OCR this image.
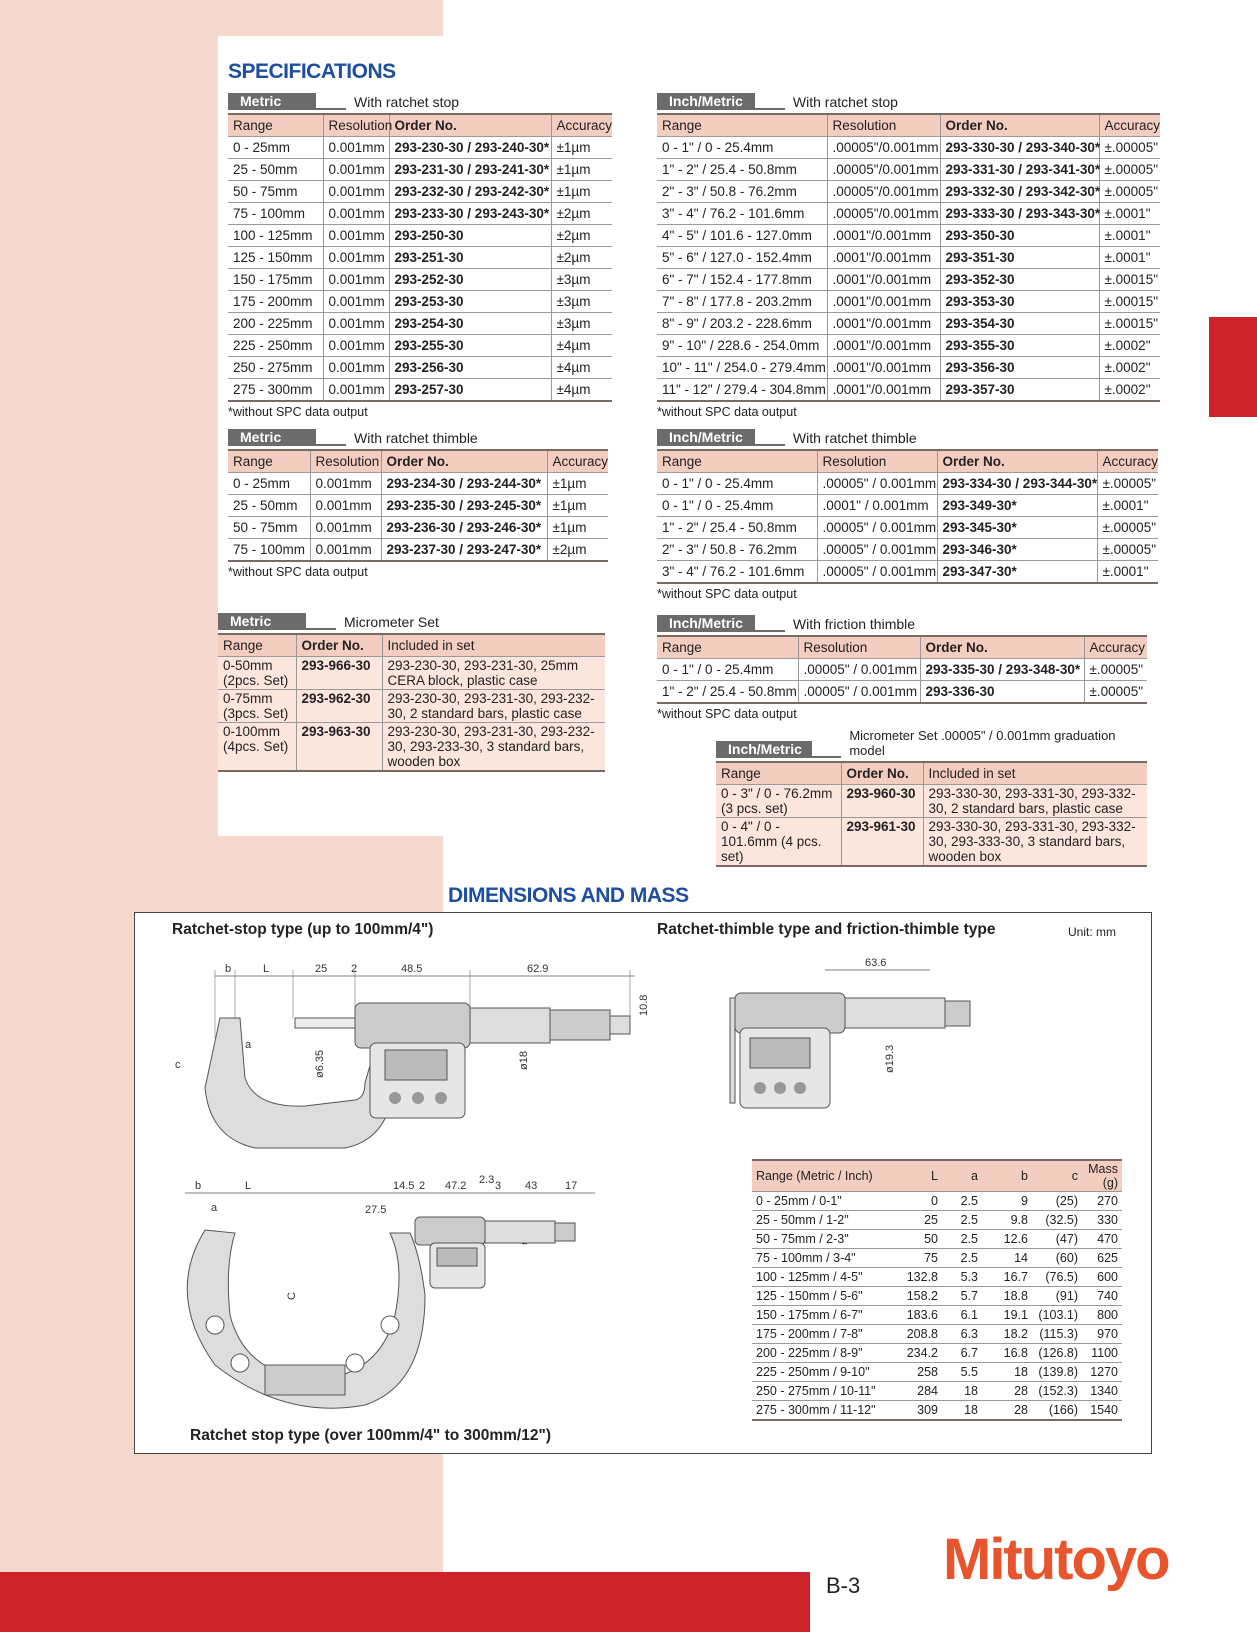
SPECIFICATIONS
Metric	With ratchet stop
Range	Resolution	Order No.	Accuracy
0 - 25mm	0.001mm	293-230-30 / 293-240-30*	±1µm
25 - 50mm	0.001mm	293-231-30 / 293-241-30*	±1µm
50 - 75mm	0.001mm	293-232-30 / 293-242-30*	±1µm
75 - 100mm	0.001mm	293-233-30 / 293-243-30*	±2µm
100 - 125mm	0.001mm	293-250-30	±2µm
125 - 150mm	0.001mm	293-251-30	±2µm
150 - 175mm	0.001mm	293-252-30	±3µm
175 - 200mm	0.001mm	293-253-30	±3µm
200 - 225mm	0.001mm	293-254-30	±3µm
225 - 250mm	0.001mm	293-255-30	±4µm
250 - 275mm	0.001mm	293-256-30	±4µm
275 - 300mm	0.001mm	293-257-30	±4µm
*without SPC data output
Inch/Metric	With ratchet stop
Range	Resolution	Order No.	Accuracy
0 - 1" / 0 - 25.4mm	.00005"/0.001mm	293-330-30 / 293-340-30*	±.00005"
1" - 2" / 25.4 - 50.8mm	.00005"/0.001mm	293-331-30 / 293-341-30*	±.00005"
2" - 3" / 50.8 - 76.2mm	.00005"/0.001mm	293-332-30 / 293-342-30*	±.00005"
3" - 4" / 76.2 - 101.6mm	.00005"/0.001mm	293-333-30 / 293-343-30*	±.0001"
4" - 5" / 101.6 - 127.0mm	.0001"/0.001mm	293-350-30	±.0001"
5" - 6" / 127.0 - 152.4mm	.0001"/0.001mm	293-351-30	±.0001"
6" - 7" / 152.4 - 177.8mm	.0001"/0.001mm	293-352-30	±.00015"
7" - 8" / 177.8 - 203.2mm	.0001"/0.001mm	293-353-30	±.00015"
8" - 9" / 203.2 - 228.6mm	.0001"/0.001mm	293-354-30	±.00015"
9" - 10" / 228.6 - 254.0mm	.0001"/0.001mm	293-355-30	±.0002"
10" - 11" / 254.0 - 279.4mm	.0001"/0.001mm	293-356-30	±.0002"
11" - 12" / 279.4 - 304.8mm	.0001"/0.001mm	293-357-30	±.0002"
*without SPC data output
Metric	With ratchet thimble
Range	Resolution	Order No.	Accuracy
0 - 25mm	0.001mm	293-234-30 / 293-244-30*	±1µm
25 - 50mm	0.001mm	293-235-30 / 293-245-30*	±1µm
50 - 75mm	0.001mm	293-236-30 / 293-246-30*	±1µm
75 - 100mm	0.001mm	293-237-30 / 293-247-30*	±2µm
*without SPC data output
Inch/Metric	With ratchet thimble
Range	Resolution	Order No.	Accuracy
0 - 1" / 0 - 25.4mm	.00005" / 0.001mm	293-334-30 / 293-344-30*	±.00005"
0 - 1" / 0 - 25.4mm	.0001" / 0.001mm	293-349-30*	±.0001"
1" - 2" / 25.4 - 50.8mm	.00005" / 0.001mm	293-345-30*	±.00005"
2" - 3" / 50.8 - 76.2mm	.00005" / 0.001mm	293-346-30*	±.00005"
3" - 4" / 76.2 - 101.6mm	.00005" / 0.001mm	293-347-30*	±.0001"
*without SPC data output
Metric	Micrometer Set
Range	Order No.	Included in set
0-50mm (2pcs. Set)	293-966-30	293-230-30, 293-231-30, 25mm CERA block, plastic case
0-75mm (3pcs. Set)	293-962-30	293-230-30, 293-231-30, 293-232-30, 2 standard bars, plastic case
0-100mm (4pcs. Set)	293-963-30	293-230-30, 293-231-30, 293-232-30, 293-233-30, 3 standard bars, wooden box
Inch/Metric	With friction thimble
Range	Resolution	Order No.	Accuracy
0 - 1" / 0 - 25.4mm	.00005" / 0.001mm	293-335-30 / 293-348-30*	±.00005"
1" - 2" / 25.4 - 50.8mm	.00005" / 0.001mm	293-336-30	±.00005"
*without SPC data output
Inch/Metric
Micrometer Set .00005" / 0.001mm graduation model
Range	Order No.	Included in set
0 - 3" / 0 - 76.2mm (3 pcs. set)	293-960-30	293-330-30, 293-331-30, 293-332-30, 2 standard bars, plastic case
0 - 4" / 0 - 101.6mm (4 pcs. set)	293-961-30	293-330-30, 293-331-30, 293-332-30, 293-333-30, 3 standard bars, wooden box
DIMENSIONS AND MASS
Ratchet-stop type (up to 100mm/4")	Ratchet-thimble type and friction-thimble type	Unit: mm
Ratchet stop type (over 100mm/4" to 300mm/12")
b	L	25 2	48.5	62.9
10.8
a
c	ø6.35	ø18
63.6
ø19.3
b	L	14.5 2 47.2 2.3 3 43	17
27.5
a
C
Range (Metric / Inch)	L	a	b	c	Mass (g)
0 - 25mm / 0-1"	0	2.5	9	(25)	270
25 - 50mm / 1-2"	25	2.5	9.8	(32.5)	330
50 - 75mm / 2-3"	50	2.5	12.6	(47)	470
75 - 100mm / 3-4"	75	2.5	14	(60)	625
100 - 125mm / 4-5"	132.8	5.3	16.7	(76.5)	600
125 - 150mm / 5-6"	158.2	5.7	18.8	(91)	740
150 - 175mm / 6-7"	183.6	6.1	19.1	(103.1)	800
175 - 200mm / 7-8"	208.8	6.3	18.2	(115.3)	970
200 - 225mm / 8-9"	234.2	6.7	16.8	(126.8)	1100
225 - 250mm / 9-10"	258	5.5	18	(139.8)	1270
250 - 275mm / 10-11"	284	18	28	(152.3)	1340
275 - 300mm / 11-12"	309	18	28	(166)	1540
B-3 Mitutoyo
